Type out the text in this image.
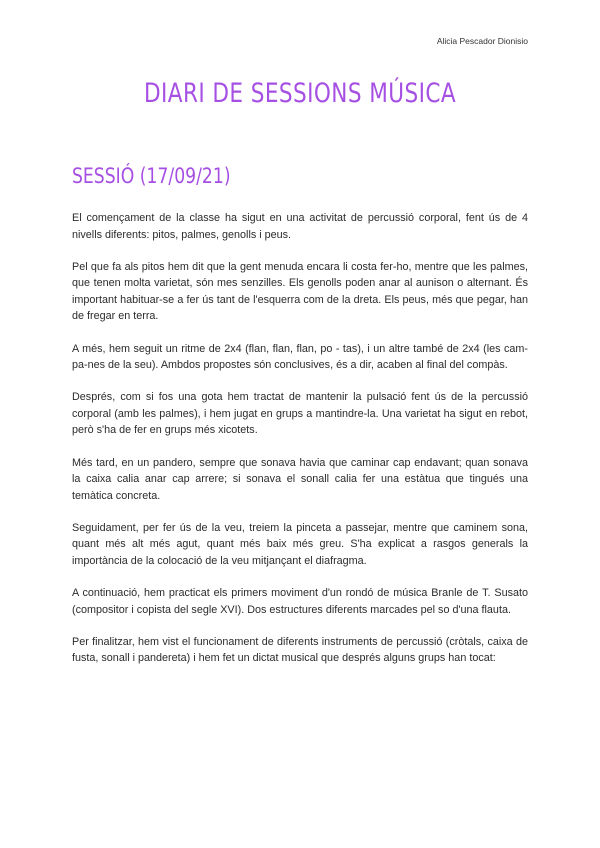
Alicia Pescador Dionisio
DIARI DE SESSIONS MÚSICA
SESSIÓ (17/09/21)

El començament de la classe ha sigut en una activitat de percussió corporal, fent ús de 4 nivells diferents: pitos, palmes, genolls i peus.

Pel que fa als pitos hem dit que la gent menuda encara li costa fer-ho, mentre que les palmes, que tenen molta varietat, són mes senzilles. Els genolls poden anar al aunison o alternant. És important habituar-se a fer ús tant de l'esquerra com de la dreta. Els peus, més que pegar, han de fregar en terra.

A més, hem seguit un ritme de 2x4 (flan, flan, flan, po - tas), i un altre també de 2x4 (les cam-pa-nes de la seu). Ambdos propostes són conclusives, és a dir, acaben al final del compàs.

Després, com si fos una gota hem tractat de mantenir la pulsació fent ús de la percussió corporal (amb les palmes), i hem jugat en grups a mantindre-la. Una varietat ha sigut en rebot, però s'ha de fer en grups més xicotets.

Més tard, en un pandero, sempre que sonava havia que caminar cap endavant; quan sonava la caixa calia anar cap arrere; si sonava el sonall calia fer una estàtua que tingués una temàtica concreta.

Seguidament, per fer ús de la veu, treiem la pinceta a passejar, mentre que caminem sona, quant més alt més agut, quant més baix més greu. S'ha explicat a rasgos generals la importància de la colocació de la veu mitjançant el diafragma.

A continuació, hem practicat els primers moviment d'un rondó de música Branle de T. Susato (compositor i copista del segle XVI). Dos estructures diferents marcades pel so d'una flauta.

Per finalitzar, hem vist el funcionament de diferents instruments de percussió (cròtals, caixa de fusta, sonall i pandereta) i hem fet un dictat musical que després alguns grups han tocat:
